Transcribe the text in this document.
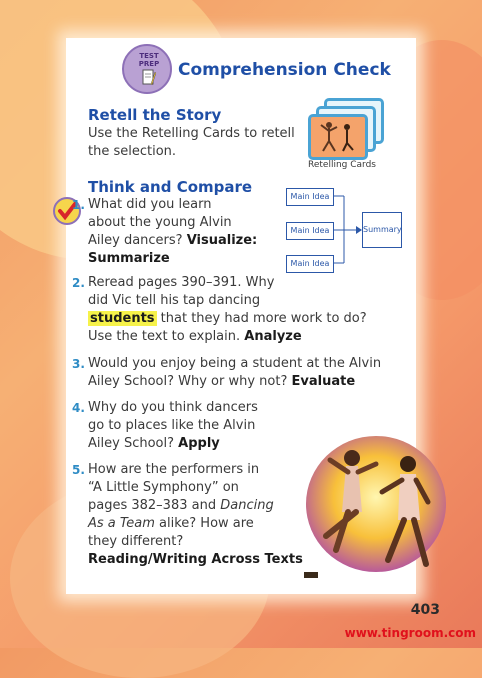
TEST PREP	Comprehension Check
Retell the Story
Use the Retelling Cards to retell
the selection.
Retelling Cards
Think and Compare
Main Idea
Main Idea
Main Idea
Summary
1. What did you learn
about the young Alvin
Ailey dancers? Visualize:
Summarize
2. Reread pages 390–391. Why
did Vic tell his tap dancing
students that they had more work to do?
Use the text to explain. Analyze
3. Would you enjoy being a student at the Alvin
Ailey School? Why or why not? Evaluate
4. Why do you think dancers
go to places like the Alvin
Ailey School? Apply
5. How are the performers in
“A Little Symphony” on
pages 382–383 and Dancing
As a Team alike? How are
they different?
Reading/Writing Across Texts
403
www.tingroom.com
